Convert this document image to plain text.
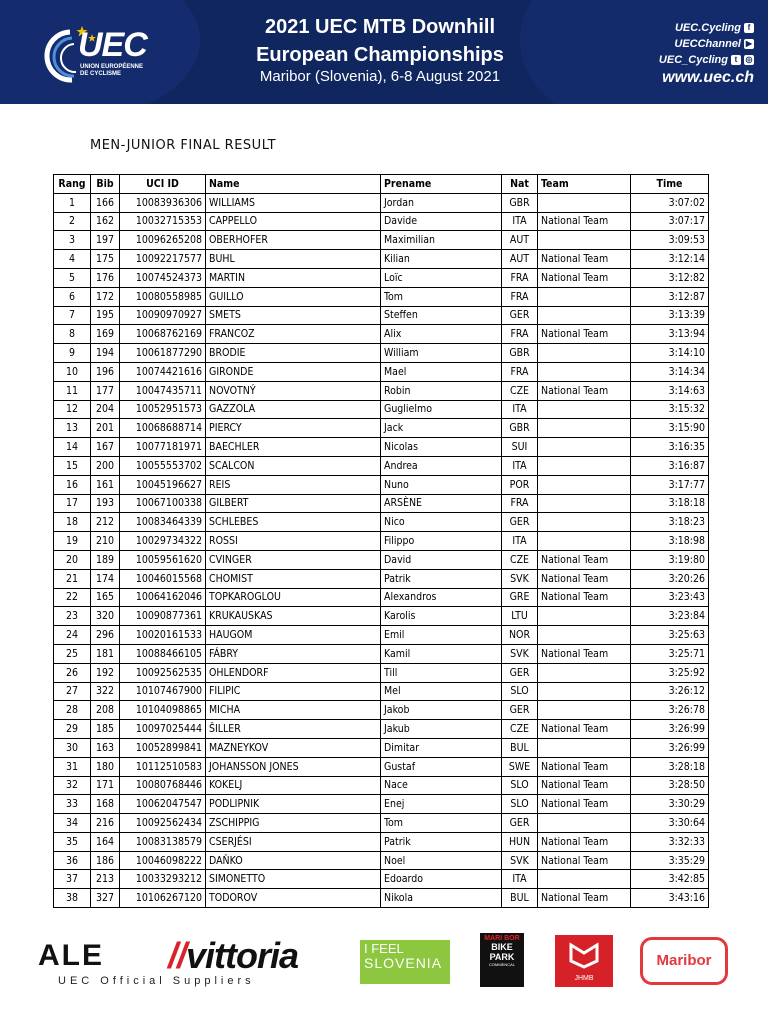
UEC
UNION EUROPÉENNE DE CYCLISME
2021 UEC MTB Downhill
European Championships
Maribor (Slovenia), 6-8 August 2021
UEC.Cycling f
UECChannel ▶
UEC_Cycling t	◎
www.uec.ch
MEN-JUNIOR FINAL RESULT
Rang	Bib	UCI ID	Name	Prename	Nat	Team	Time
1	166	10083936306	WILLIAMS	Jordan	GBR		3:07:02
2	162	10032715353	CAPPELLO	Davide	ITA	National Team	3:07:17
3	197	10096265208	OBERHOFER	Maximilian	AUT		3:09:53
4	175	10092217577	BUHL	Kilian	AUT	National Team	3:12:14
5	176	10074524373	MARTIN	Loïc	FRA	National Team	3:12:82
6	172	10080558985	GUILLO	Tom	FRA		3:12:87
7	195	10090970927	SMETS	Steffen	GER		3:13:39
8	169	10068762169	FRANCOZ	Alix	FRA	National Team	3:13:94
9	194	10061877290	BRODIE	William	GBR		3:14:10
10	196	10074421616	GIRONDE	Mael	FRA		3:14:34
11	177	10047435711	NOVOTNÝ	Robin	CZE	National Team	3:14:63
12	204	10052951573	GAZZOLA	Guglielmo	ITA		3:15:32
13	201	10068688714	PIERCY	Jack	GBR		3:15:90
14	167	10077181971	BAECHLER	Nicolas	SUI		3:16:35
15	200	10055553702	SCALCON	Andrea	ITA		3:16:87
16	161	10045196627	REIS	Nuno	POR		3:17:77
17	193	10067100338	GILBERT	ARSÈNE	FRA		3:18:18
18	212	10083464339	SCHLEBES	Nico	GER		3:18:23
19	210	10029734322	ROSSI	Filippo	ITA		3:18:98
20	189	10059561620	CVINGER	David	CZE	National Team	3:19:80
21	174	10046015568	CHOMIST	Patrik	SVK	National Team	3:20:26
22	165	10064162046	TOPKAROGLOU	Alexandros	GRE	National Team	3:23:43
23	320	10090877361	KRUKAUSKAS	Karolis	LTU		3:23:84
24	296	10020161533	HAUGOM	Emil	NOR		3:25:63
25	181	10088466105	FÁBRY	Kamil	SVK	National Team	3:25:71
26	192	10092562535	OHLENDORF	Till	GER		3:25:92
27	322	10107467900	FILIPIC	Mel	SLO		3:26:12
28	208	10104098865	MICHA	Jakob	GER		3:26:78
29	185	10097025444	ŠILLER	Jakub	CZE	National Team	3:26:99
30	163	10052899841	MAZNEYKOV	Dimitar	BUL		3:26:99
31	180	10112510583	JOHANSSON JONES	Gustaf	SWE	National Team	3:28:18
32	171	10080768446	KOKELJ	Nace	SLO	National Team	3:28:50
33	168	10062047547	PODLIPNIK	Enej	SLO	National Team	3:30:29
34	216	10092562434	ZSCHIPPIG	Tom	GER		3:30:64
35	164	10083138579	CSERJÉSI	Patrik	HUN	National Team	3:32:33
36	186	10046098222	DAŇKO	Noel	SVK	National Team	3:35:29
37	213	10033293212	SIMONETTO	Edoardo	ITA		3:42:85
38	327	10106267120	TODOROV	Nikola	BUL	National Team	3:43:16
ALE
UEC Official Suppliers
//vittoria	I FEEL
SLOVENIA
MARI BOR
BIKE PARK
COMMENCAL
JHMB
Maribor
